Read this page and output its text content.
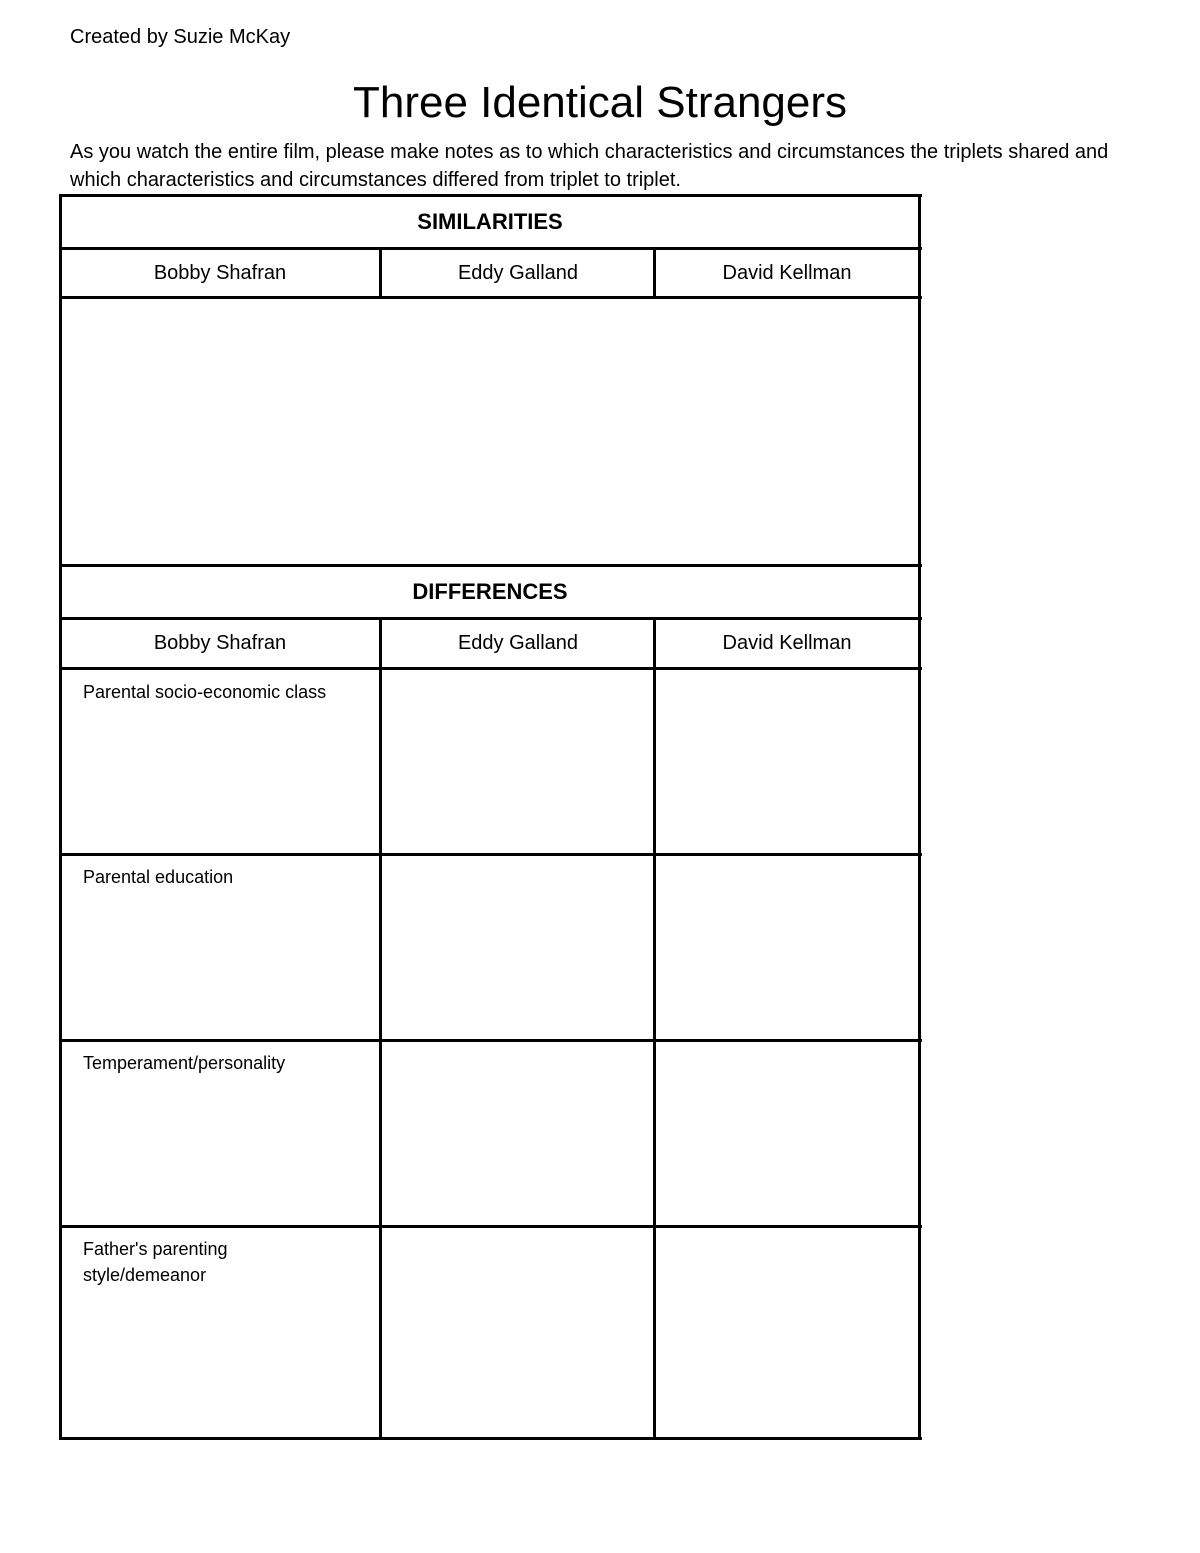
Created by Suzie McKay
Three Identical Strangers
As you watch the entire film, please make notes as to which characteristics and circumstances the triplets shared and which characteristics and circumstances differed from triplet to triplet.
SIMILARITIES
Bobby Shafran	Eddy Galland	David Kellman
DIFFERENCES
Bobby Shafran	Eddy Galland	David Kellman
Parental socio-economic class
Parental education
Temperament/personality
Father's parenting style/demeanor
